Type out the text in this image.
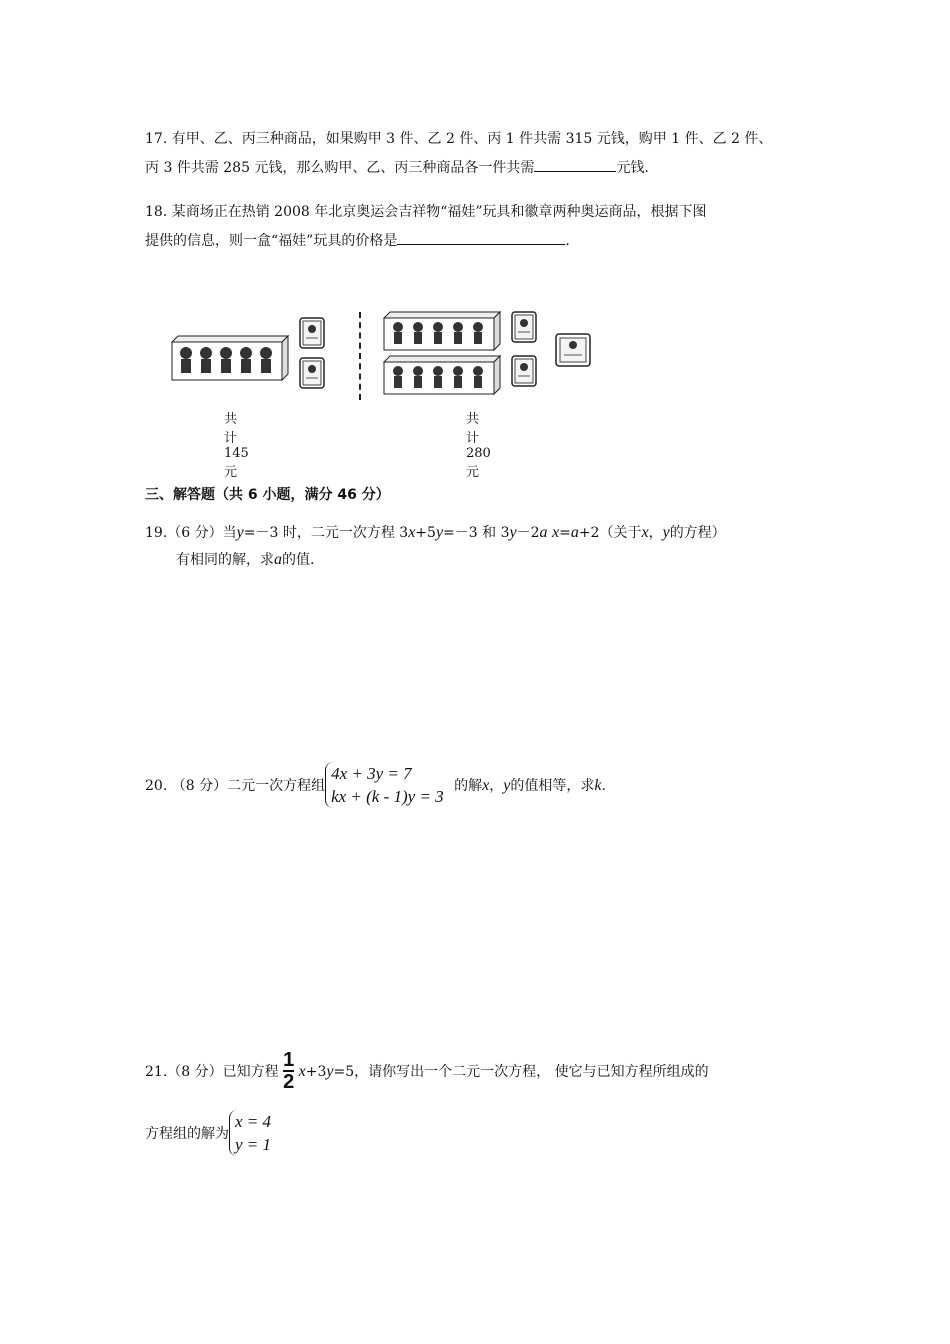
17. 有甲、乙、丙三种商品，如果购甲 3 件、乙 2 件、丙 1 件共需 315 元钱，购甲 1 件、乙 2 件、
丙 3 件共需 285 元钱，那么购甲、乙、丙三种商品各一件共需	元钱.
18. 某商场正在热销 2008 年北京奥运会吉祥物“福娃”玩具和徽章两种奥运商品，根据下图
提供的信息，则一盒“福娃”玩具的价格是	.
共计 145 元
共计 280 元
三、解答题（共 6 小题，满分 46 分）
19.（6 分）当y=－3 时，二元一次方程 3x+5y=－3 和 3y－2a x=a+2（关于x，y的方程）
有相同的解，求a的值.
20. （8 分）二元一次方程组
4x + 3y = 7
kx + (k - 1)y = 3
的解x，y的值相等，求k.
21.（8 分）已知方程 $\frac{1}{2} x+3y=5$，请你写出一个二元一次方程， 使它与已知方程所组成的
方程组的解为
x = 4
y = 1
